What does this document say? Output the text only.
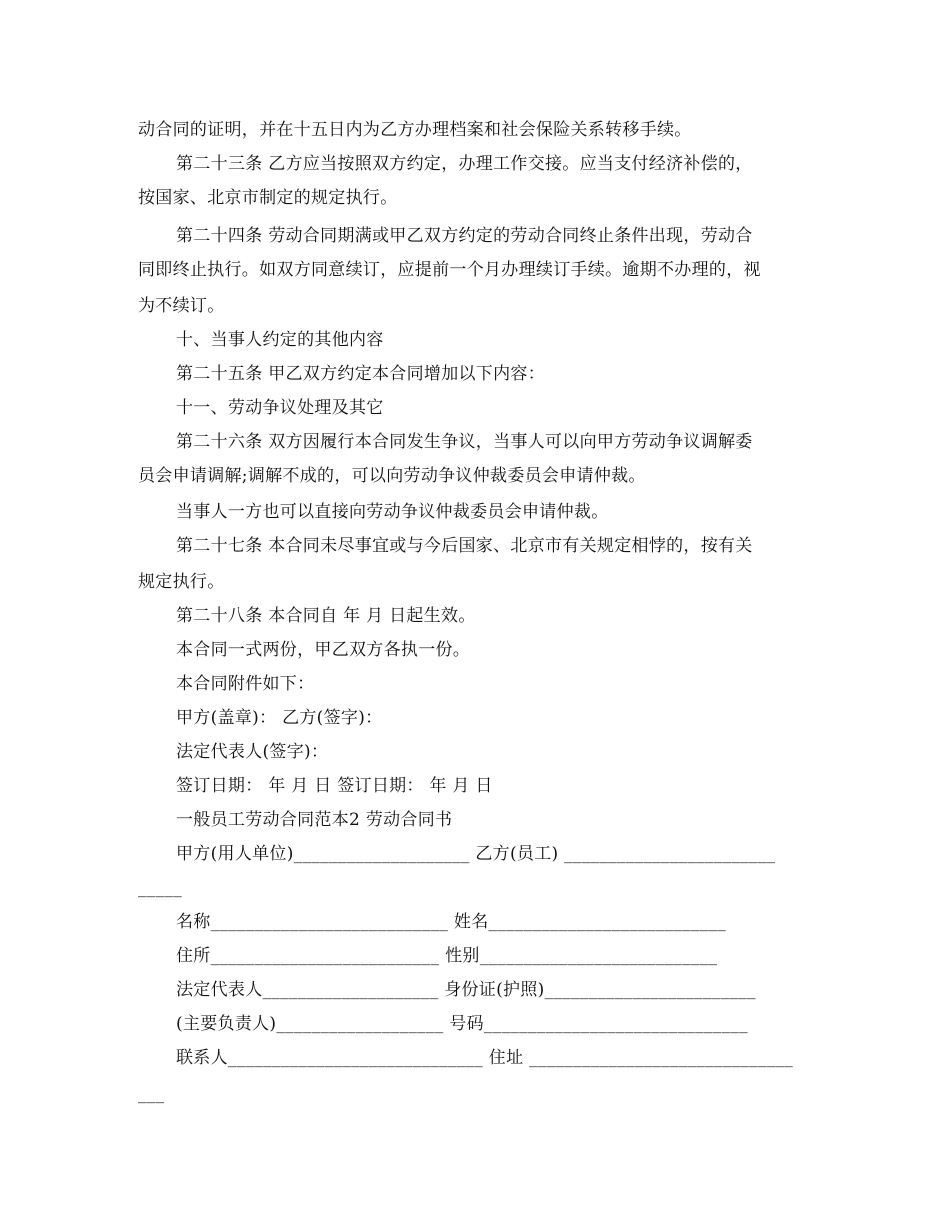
动合同的证明，并在十五日内为乙方办理档案和社会保险关系转移手续。
第二十三条 乙方应当按照双方约定，办理工作交接。应当支付经济补偿的，
按国家、北京市制定的规定执行。
第二十四条 劳动合同期满或甲乙双方约定的劳动合同终止条件出现，劳动合
同即终止执行。如双方同意续订，应提前一个月办理续订手续。逾期不办理的，视
为不续订。
十、当事人约定的其他内容
第二十五条 甲乙双方约定本合同增加以下内容：
十一、劳动争议处理及其它
第二十六条 双方因履行本合同发生争议，当事人可以向甲方劳动争议调解委
员会申请调解;调解不成的，可以向劳动争议仲裁委员会申请仲裁。
当事人一方也可以直接向劳动争议仲裁委员会申请仲裁。
第二十七条 本合同未尽事宜或与今后国家、北京市有关规定相悖的，按有关
规定执行。
第二十八条 本合同自 年 月 日起生效。
本合同一式两份，甲乙双方各执一份。
本合同附件如下：
甲方(盖章)： 乙方(签字)：
法定代表人(签字)：
签订日期： 年 月 日 签订日期： 年 月 日
一般员工劳动合同范本2 劳动合同书
甲方(用人单位)____________________ 乙方(员工) ________________________
_____
名称___________________________ 姓名___________________________
住所__________________________ 性别___________________________
法定代表人____________________ 身份证(护照)________________________
(主要负责人)___________________ 号码______________________________
联系人_____________________________ 住址 ______________________________
___
